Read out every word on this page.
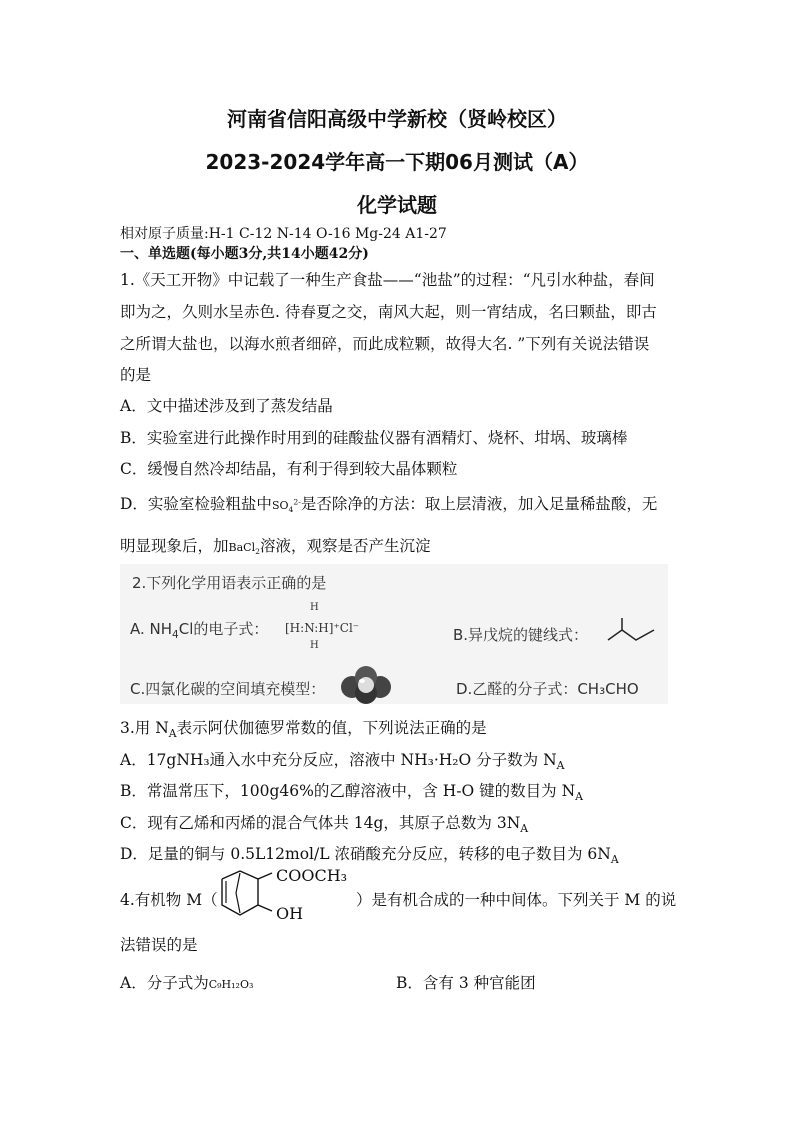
河南省信阳高级中学新校（贤岭校区）
2023-2024学年高一下期06月测试（A）
化学试题
相对原子质量:H-1 C-12 N-14 O-16 Mg-24 A1-27
一、单选题(每小题3分,共14小题42分)
1.《天工开物》中记载了一种生产食盐——“池盐”的过程：“凡引水种盐，春间
即为之，久则水呈赤色. 待春夏之交，南风大起，则一宵结成，名曰颗盐，即古
之所谓大盐也，以海水煎者细碎，而此成粒颗，故得大名. ”下列有关说法错误
的是
A．文中描述涉及到了蒸发结晶
B．实验室进行此操作时用到的硅酸盐仪器有酒精灯、烧杯、坩埚、玻璃棒
C．缓慢自然冷却结晶，有利于得到较大晶体颗粒
D．实验室检验粗盐中$SO_4^{2-}$是否除净的方法：取上层清液，加入足量稀盐酸，无
明显现象后，加BaCl$_2$溶液，观察是否产生沉淀
2.下列化学用语表示正确的是
A. $NH_4Cl$的电子式：
H
[H:N:H]⁺Cl⁻
H
B.异戊烷的键线式：
C.四氯化碳的空间填充模型：	D.乙醛的分子式：CH₃CHO
3.用 $N_A$表示阿伏伽德罗常数的值，下列说法正确的是
A．17gNH₃通入水中充分反应，溶液中 NH₃·H₂O 分子数为 $N_A$
B．常温常压下，100g46%的乙醇溶液中，含 H-O 键的数目为 $N_A$
C．现有乙烯和丙烯的混合气体共 14g，其原子总数为 $3N_A$
D．足量的铜与 0.5L12mol/L 浓硝酸充分反应，转移的电子数目为 $6N_A$
4.有机物 M（
COOCH₃
OH
）是有机合成的一种中间体。下列关于 M 的说
法错误的是
A．分子式为C₉H₁₂O₃	B．含有 3 种官能团
